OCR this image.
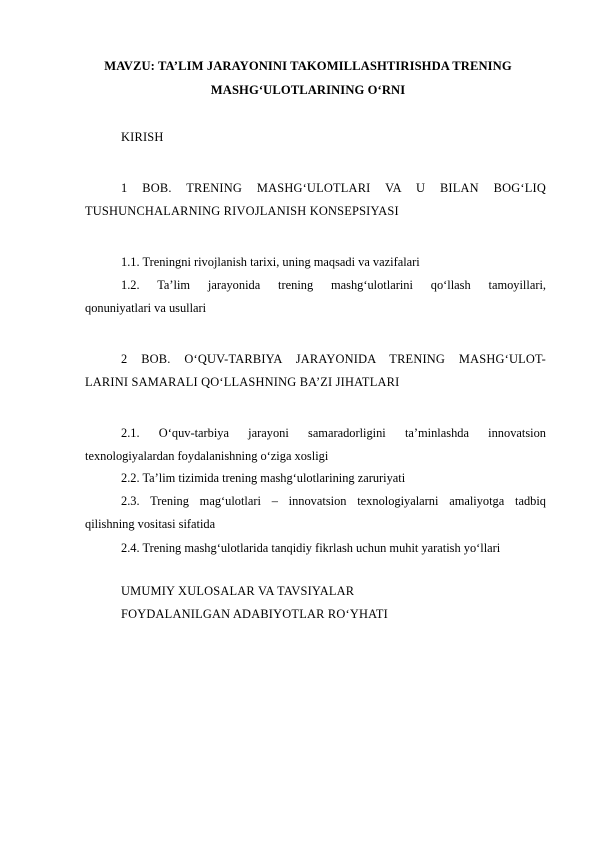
MAVZU: TA’LIM JARAYONINI TAKOMILLASHTIRISHDA TRENING
MASHG‘ULOTLARINING O‘RNI
KIRISH
1 BOB. TRENING MASHG‘ULOTLARI VA U BILAN BOG‘LIQ
TUSHUNCHALARNING RIVOJLANISH KONSEPSIYASI
1.1. Treningni rivojlanish tarixi, uning maqsadi va vazifalari
1.2. Ta’lim jarayonida trening mashg‘ulotlarini qo‘llash tamoyillari,
qonuniyatlari va usullari
2 BOB. O‘QUV-TARBIYA JARAYONIDA TRENING MASHG‘ULOT-
LARINI SAMARALI QO‘LLASHNING BA’ZI JIHATLARI
2.1. O‘quv-tarbiya jarayoni samaradorligini ta’minlashda innovatsion
texnologiyalardan foydalanishning o‘ziga xosligi
2.2. Ta’lim tizimida trening mashg‘ulotlarining zaruriyati
2.3. Trening mag‘ulotlari – innovatsion texnologiyalarni amaliyotga tadbiq
qilishning vositasi sifatida
2.4. Trening mashg‘ulotlarida tanqidiy fikrlash uchun muhit yaratish yo‘llari
UMUMIY XULOSALAR VA TAVSIYALAR
FOYDALANILGAN ADABIYOTLAR RO‘YHATI
